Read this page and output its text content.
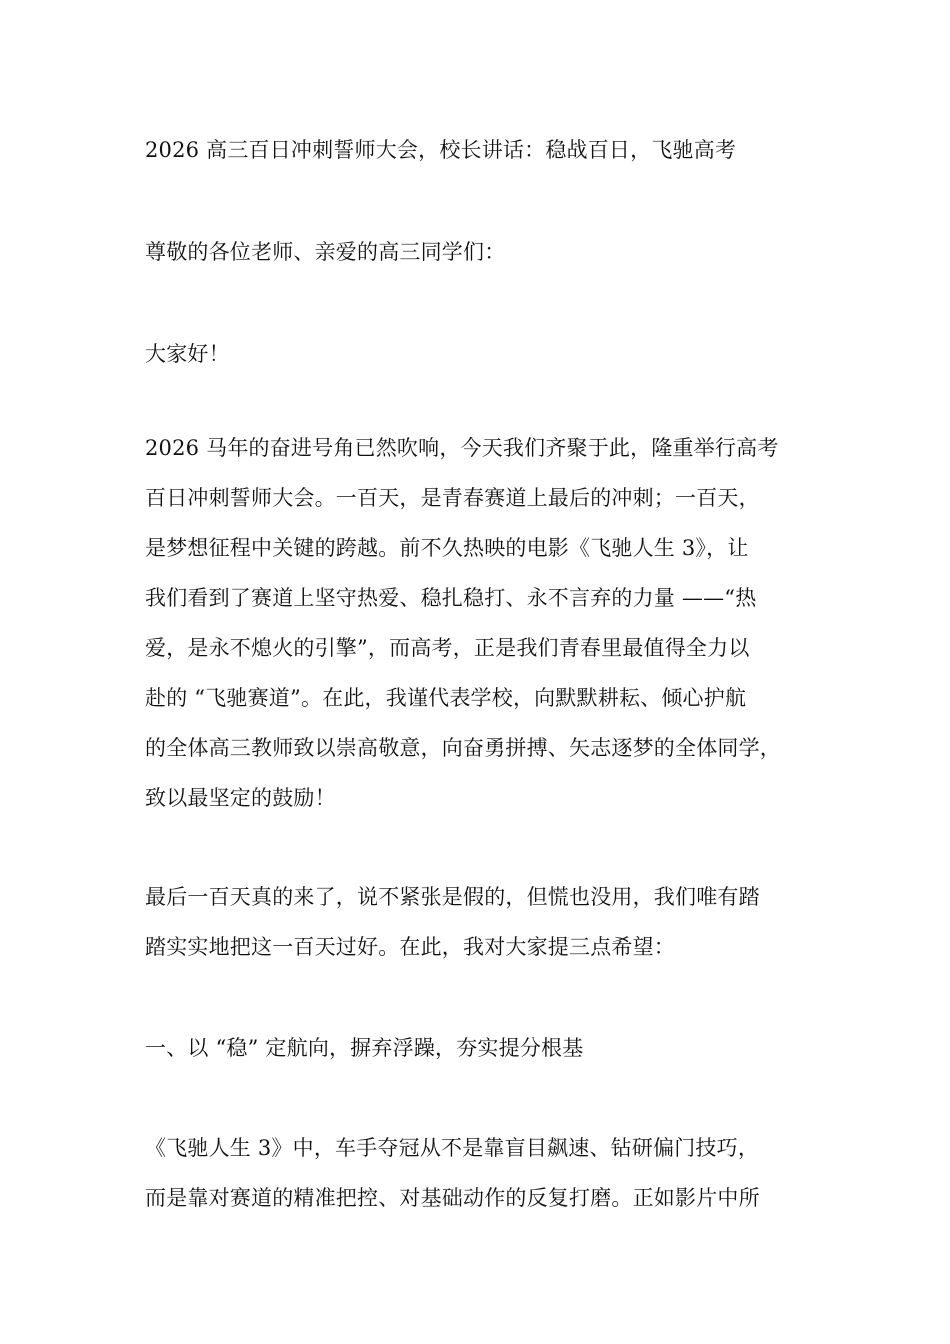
2026 高三百日冲刺誓师大会，校长讲话：稳战百日，飞驰高考
尊敬的各位老师、亲爱的高三同学们：
大家好！
2026 马年的奋进号角已然吹响，今天我们齐聚于此，隆重举行高考
百日冲刺誓师大会。一百天，是青春赛道上最后的冲刺；一百天，
是梦想征程中关键的跨越。前不久热映的电影《飞驰人生 3》，让
我们看到了赛道上坚守热爱、稳扎稳打、永不言弃的力量 ——“热
爱，是永不熄火的引擎”，而高考，正是我们青春里最值得全力以
赴的 “飞驰赛道”。在此，我谨代表学校，向默默耕耘、倾心护航
的全体高三教师致以崇高敬意，向奋勇拼搏、矢志逐梦的全体同学，
致以最坚定的鼓励！
最后一百天真的来了，说不紧张是假的，但慌也没用，我们唯有踏
踏实实地把这一百天过好。在此，我对大家提三点希望：
一、以 “稳” 定航向，摒弃浮躁，夯实提分根基
《飞驰人生 3》中，车手夺冠从不是靠盲目飙速、钻研偏门技巧，
而是靠对赛道的精准把控、对基础动作的反复打磨。正如影片中所
